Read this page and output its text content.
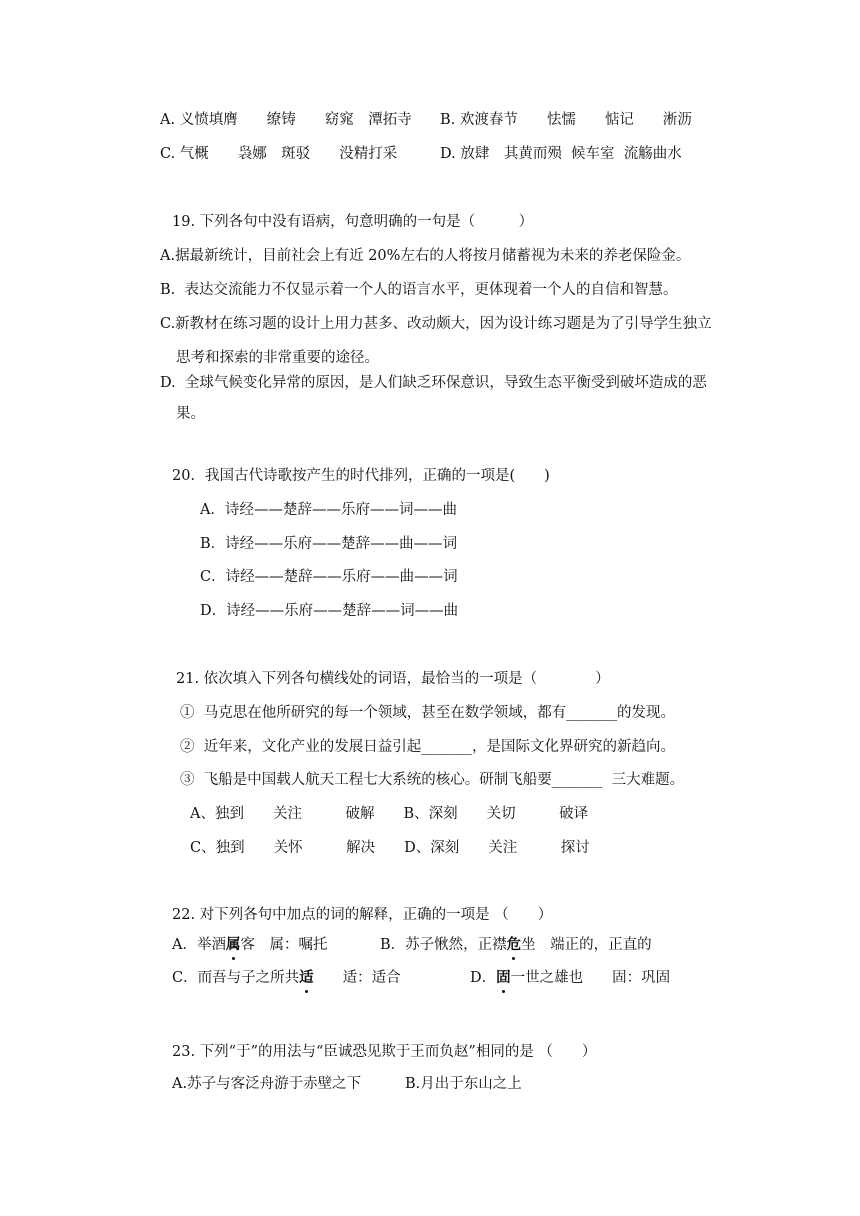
A. 义愤填膺　　缭铸　　窈窕　潭拓寺 B. 欢渡春节　　怯懦　　惦记　　淅沥
C. 气概　　袅娜　斑驳　　没精打采	D. 放肆　其黄而殒  候车室  流觞曲水
19. 下列各句中没有语病，句意明确的一句是（　　　）
A.据最新统计，目前社会上有近 20%左右的人将按月储蓄视为未来的养老保险金。
B.  表达交流能力不仅显示着一个人的语言水平，更体现着一个人的自信和智慧。
C.新教材在练习题的设计上用力甚多、改动颇大，因为设计练习题是为了引导学生独立
思考和探索的非常重要的途径。
D.  全球气候变化异常的原因，是人们缺乏环保意识，导致生态平衡受到破坏造成的恶
果。
20．我国古代诗歌按产生的时代排列，正确的一项是(　　)
A．诗经——楚辞——乐府——词——曲
B．诗经——乐府——楚辞——曲——词
C．诗经——楚辞——乐府——曲——词
D．诗经——乐府——楚辞——词——曲
21. 依次填入下列各句横线处的词语，最恰当的一项是（　　　　）
①  马克思在他所研究的每一个领域，甚至在数学领域，都有_______的发现。
②  近年来，文化产业的发展日益引起_______，是国际文化界研究的新趋向。
③  飞船是中国载人航天工程七大系统的核心。研制飞船要_______  三大难题。
A、独到　　关注　　　破解　　B、深刻　　关切　　　破译
C、独到　　关怀　　　解决　　D、深刻　　关注　　　探讨
22. 对下列各句中加点的词的解释，正确的一项是 （　　）
A．举酒属客　属：嘱托	B．苏子愀然，正襟危坐　端正的，正直的
C．而吾与子之所共适　　适：适合	D．固一世之雄也　　固：巩固
23. 下列“于”的用法与“臣诚恐见欺于王而负赵”相同的是 （　　）
A.苏子与客泛舟游于赤壁之下	B.月出于东山之上
